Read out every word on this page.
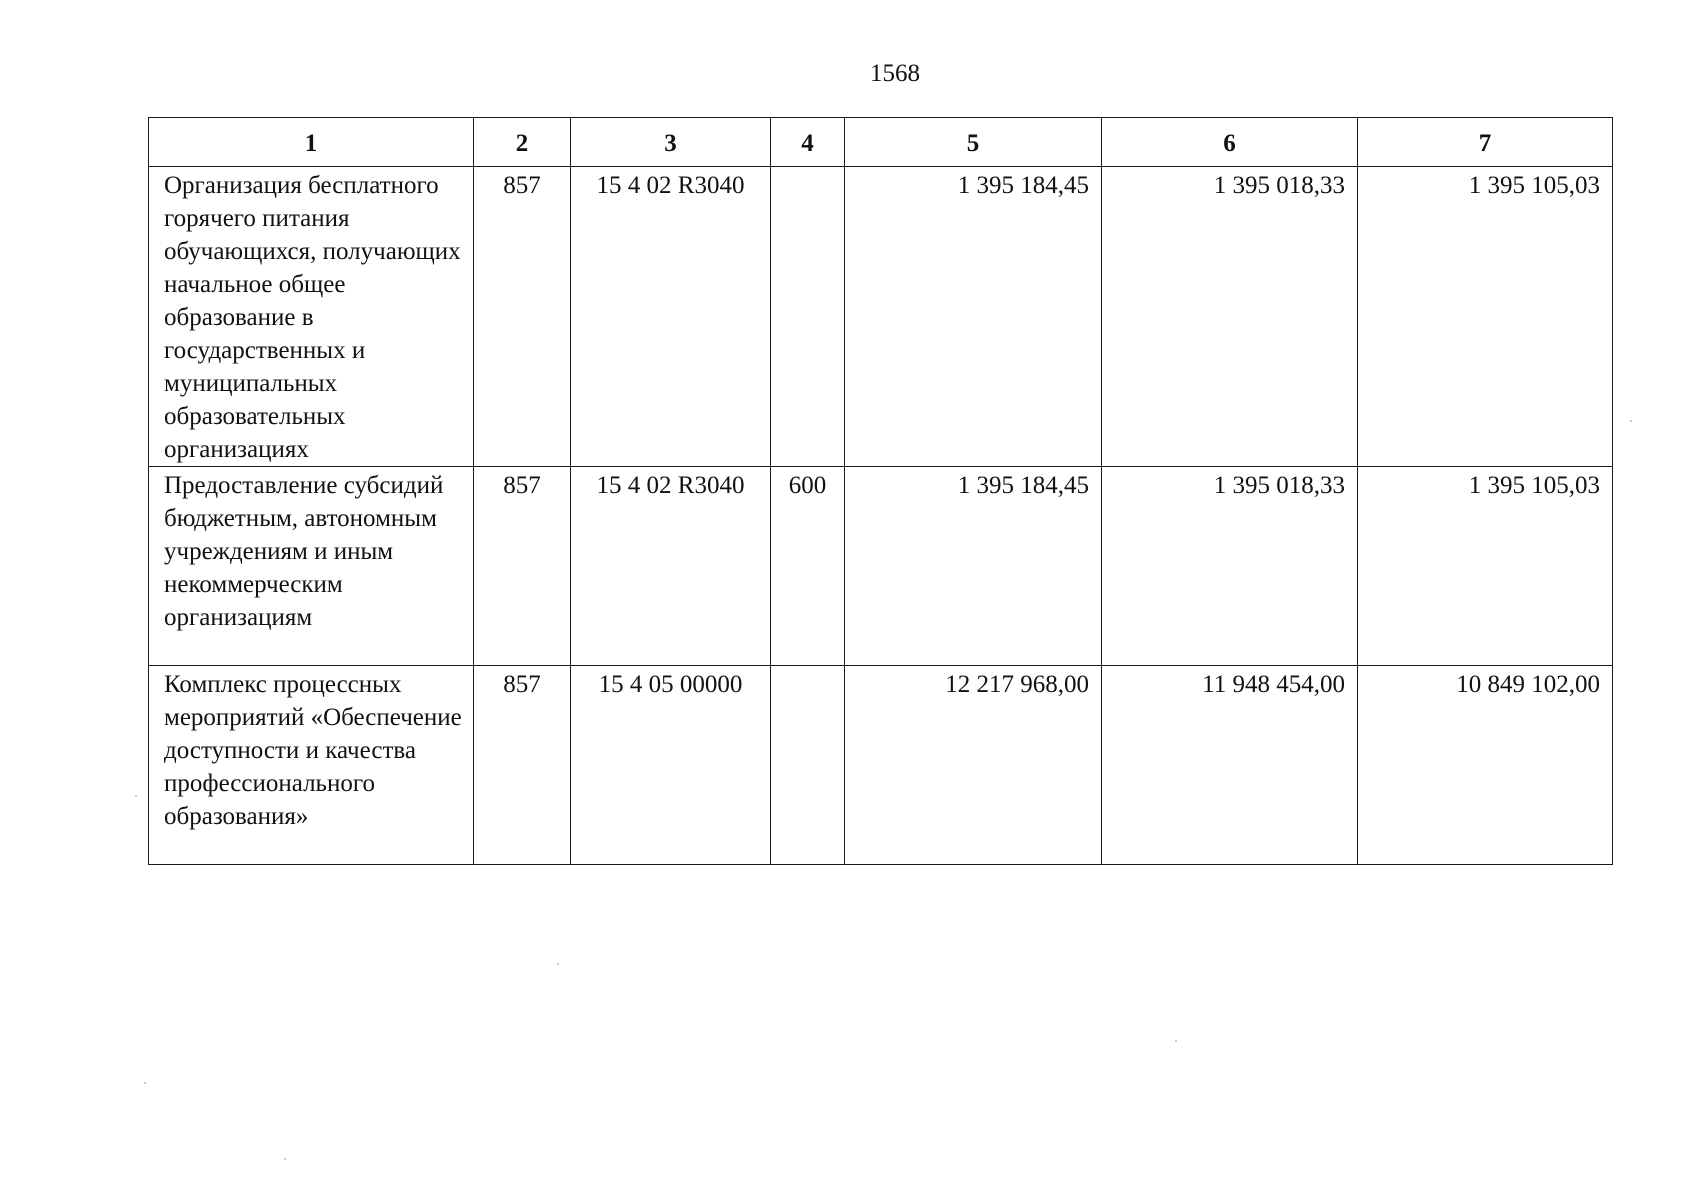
1568
1	2	3	4	5	6	7
Организация бесплатного горячего питания обучающихся, получающих начальное общее образование в государственных и муниципальных образовательных организациях	857	15 4 02 R3040		1 395 184,45	1 395 018,33	1 395 105,03
Предоставление субсидий бюджетным, автономным учреждениям и иным некоммерческим организациям	857	15 4 02 R3040	600	1 395 184,45	1 395 018,33	1 395 105,03
Комплекс процессных мероприятий «Обеспечение доступности и качества профессионального образования»	857	15 4 05 00000		12 217 968,00	11 948 454,00	10 849 102,00
